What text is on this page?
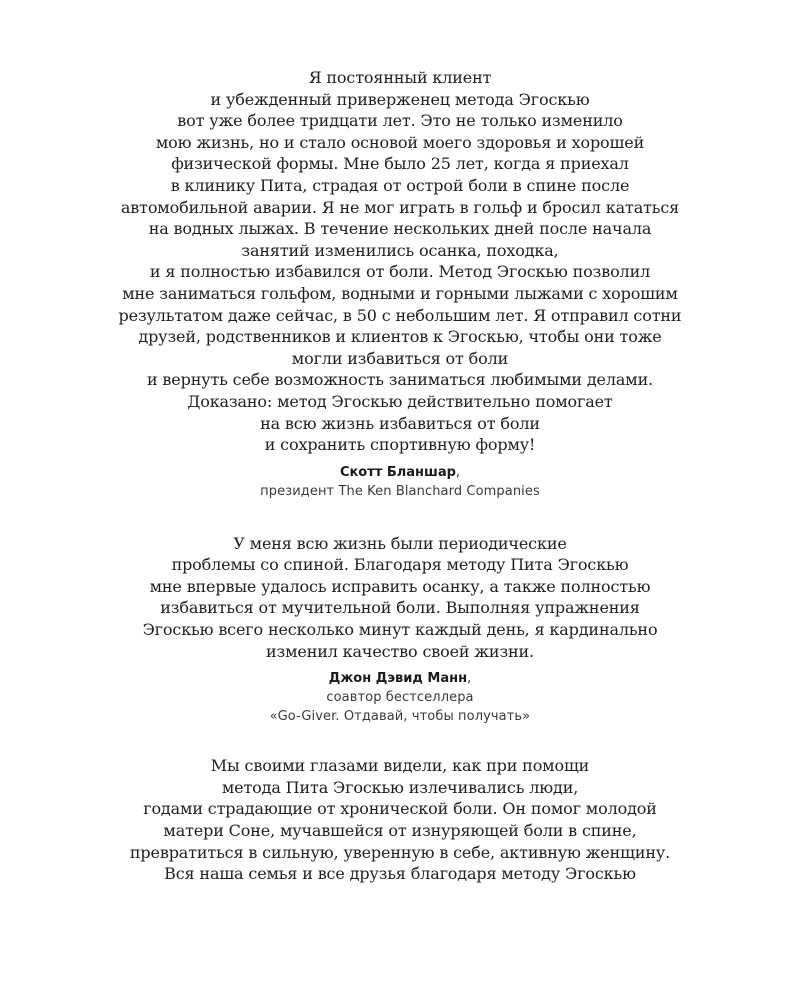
Я постоянный клиент
и убежденный приверженец метода Эгоскью
вот уже более тридцати лет. Это не только изменило
мою жизнь, но и стало основой моего здоровья и хорошей
физической формы. Мне было 25 лет, когда я приехал
в клинику Пита, страдая от острой боли в спине после
автомобильной аварии. Я не мог играть в гольф и бросил кататься
на водных лыжах. В течение нескольких дней после начала
занятий изменились осанка, походка,
и я полностью избавился от боли. Метод Эгоскью позволил
мне заниматься гольфом, водными и горными лыжами с хорошим
результатом даже сейчас, в 50 с небольшим лет. Я отправил сотни
друзей, родственников и клиентов к Эгоскью, чтобы они тоже
могли избавиться от боли
и вернуть себе возможность заниматься любимыми делами.
Доказано: метод Эгоскью действительно помогает
на всю жизнь избавиться от боли
и сохранить спортивную форму!

Скотт Бланшар,
президент The Ken Blanchard Companies

У меня всю жизнь были периодические
проблемы со спиной. Благодаря методу Пита Эгоскью
мне впервые удалось исправить осанку, а также полностью
избавиться от мучительной боли. Выполняя упражнения
Эгоскью всего несколько минут каждый день, я кардинально
изменил качество своей жизни.

Джон Дэвид Манн,
соавтор бестселлера
«Go-Giver. Отдавай, чтобы получать»

Мы своими глазами видели, как при помощи
метода Пита Эгоскью излечивались люди,
годами страдающие от хронической боли. Он помог молодой
матери Соне, мучавшейся от изнуряющей боли в спине,
превратиться в сильную, уверенную в себе, активную женщину.
Вся наша семья и все друзья благодаря методу Эгоскью
